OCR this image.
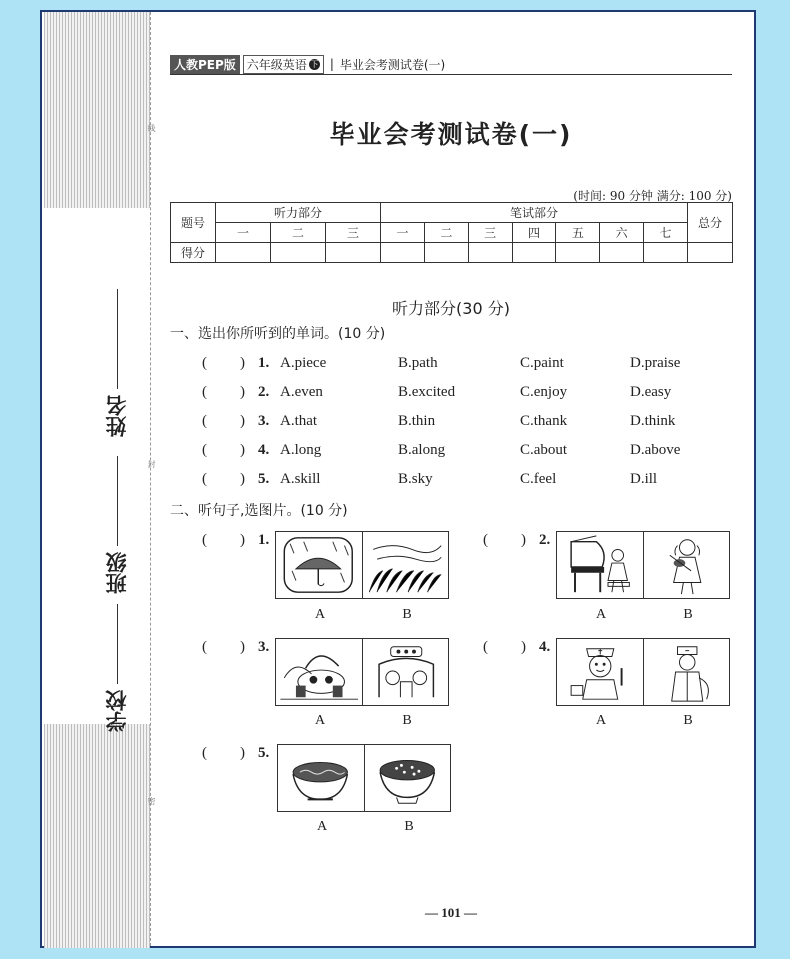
姓名
班级
学校
线
封
密
人教PEP版 六年级英语 下 | 毕业会考测试卷(一)
毕业会考测试卷(一)
(时间: 90 分钟 满分: 100 分)
题号	听力部分			笔试部分							总分
	一	二	三	一	二	三	四	五	六	七	
得分											
听力部分(30 分)
一、选出你所听到的单词。(10 分)
( ) 1. A.piece	B.path	C.paint	D.praise
( ) 2. A.even	B.excited	C.enjoy	D.easy
( ) 3. A.that	B.thin	C.thank	D.think
( ) 4. A.long	B.along	C.about	D.above
( ) 5. A.skill	B.sky	C.feel	D.ill
二、听句子,选图片。(10 分)
( ) 1.
A	B
( ) 2.
A	B
( ) 3.
A	B
( ) 4.
A	B
( ) 5.
A	B
— 101 —
